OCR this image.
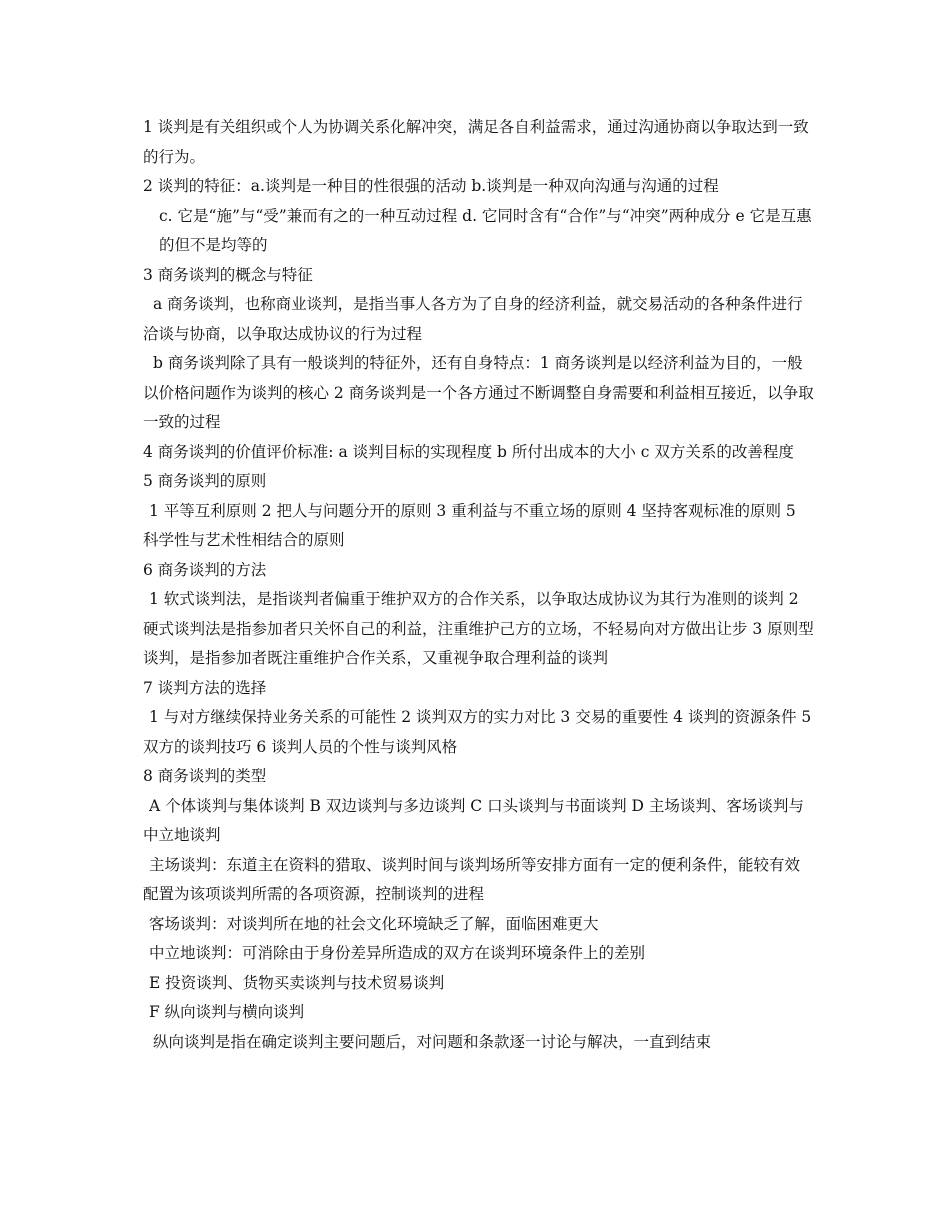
1 谈判是有关组织或个人为协调关系化解冲突，满足各自利益需求，通过沟通协商以争取达到一致的行为。

2 谈判的特征：a.谈判是一种目的性很强的活动 b.谈判是一种双向沟通与沟通的过程

c. 它是“施”与“受”兼而有之的一种互动过程 d. 它同时含有“合作”与“冲突”两种成分 e 它是互惠的但不是均等的

3 商务谈判的概念与特征

a 商务谈判，也称商业谈判，是指当事人各方为了自身的经济利益，就交易活动的各种条件进行洽谈与协商，以争取达成协议的行为过程

b 商务谈判除了具有一般谈判的特征外，还有自身特点：1 商务谈判是以经济利益为目的，一般以价格问题作为谈判的核心 2 商务谈判是一个各方通过不断调整自身需要和利益相互接近，以争取一致的过程

4 商务谈判的价值评价标准: a 谈判目标的实现程度 b 所付出成本的大小 c 双方关系的改善程度

5 商务谈判的原则

1 平等互利原则 2 把人与问题分开的原则 3 重利益与不重立场的原则 4 坚持客观标准的原则 5 科学性与艺术性相结合的原则

6 商务谈判的方法

1 软式谈判法，是指谈判者偏重于维护双方的合作关系，以争取达成协议为其行为准则的谈判 2 硬式谈判法是指参加者只关怀自己的利益，注重维护己方的立场，不轻易向对方做出让步 3 原则型谈判，是指参加者既注重维护合作关系，又重视争取合理利益的谈判

7 谈判方法的选择

1 与对方继续保持业务关系的可能性 2 谈判双方的实力对比 3 交易的重要性 4 谈判的资源条件 5 双方的谈判技巧 6 谈判人员的个性与谈判风格

8 商务谈判的类型

A 个体谈判与集体谈判 B 双边谈判与多边谈判 C 口头谈判与书面谈判 D 主场谈判、客场谈判与中立地谈判

主场谈判：东道主在资料的猎取、谈判时间与谈判场所等安排方面有一定的便利条件，能较有效配置为该项谈判所需的各项资源，控制谈判的进程

客场谈判：对谈判所在地的社会文化环境缺乏了解，面临困难更大

中立地谈判：可消除由于身份差异所造成的双方在谈判环境条件上的差别

E 投资谈判、货物买卖谈判与技术贸易谈判

F 纵向谈判与横向谈判

纵向谈判是指在确定谈判主要问题后，对问题和条款逐一讨论与解决，一直到结束
